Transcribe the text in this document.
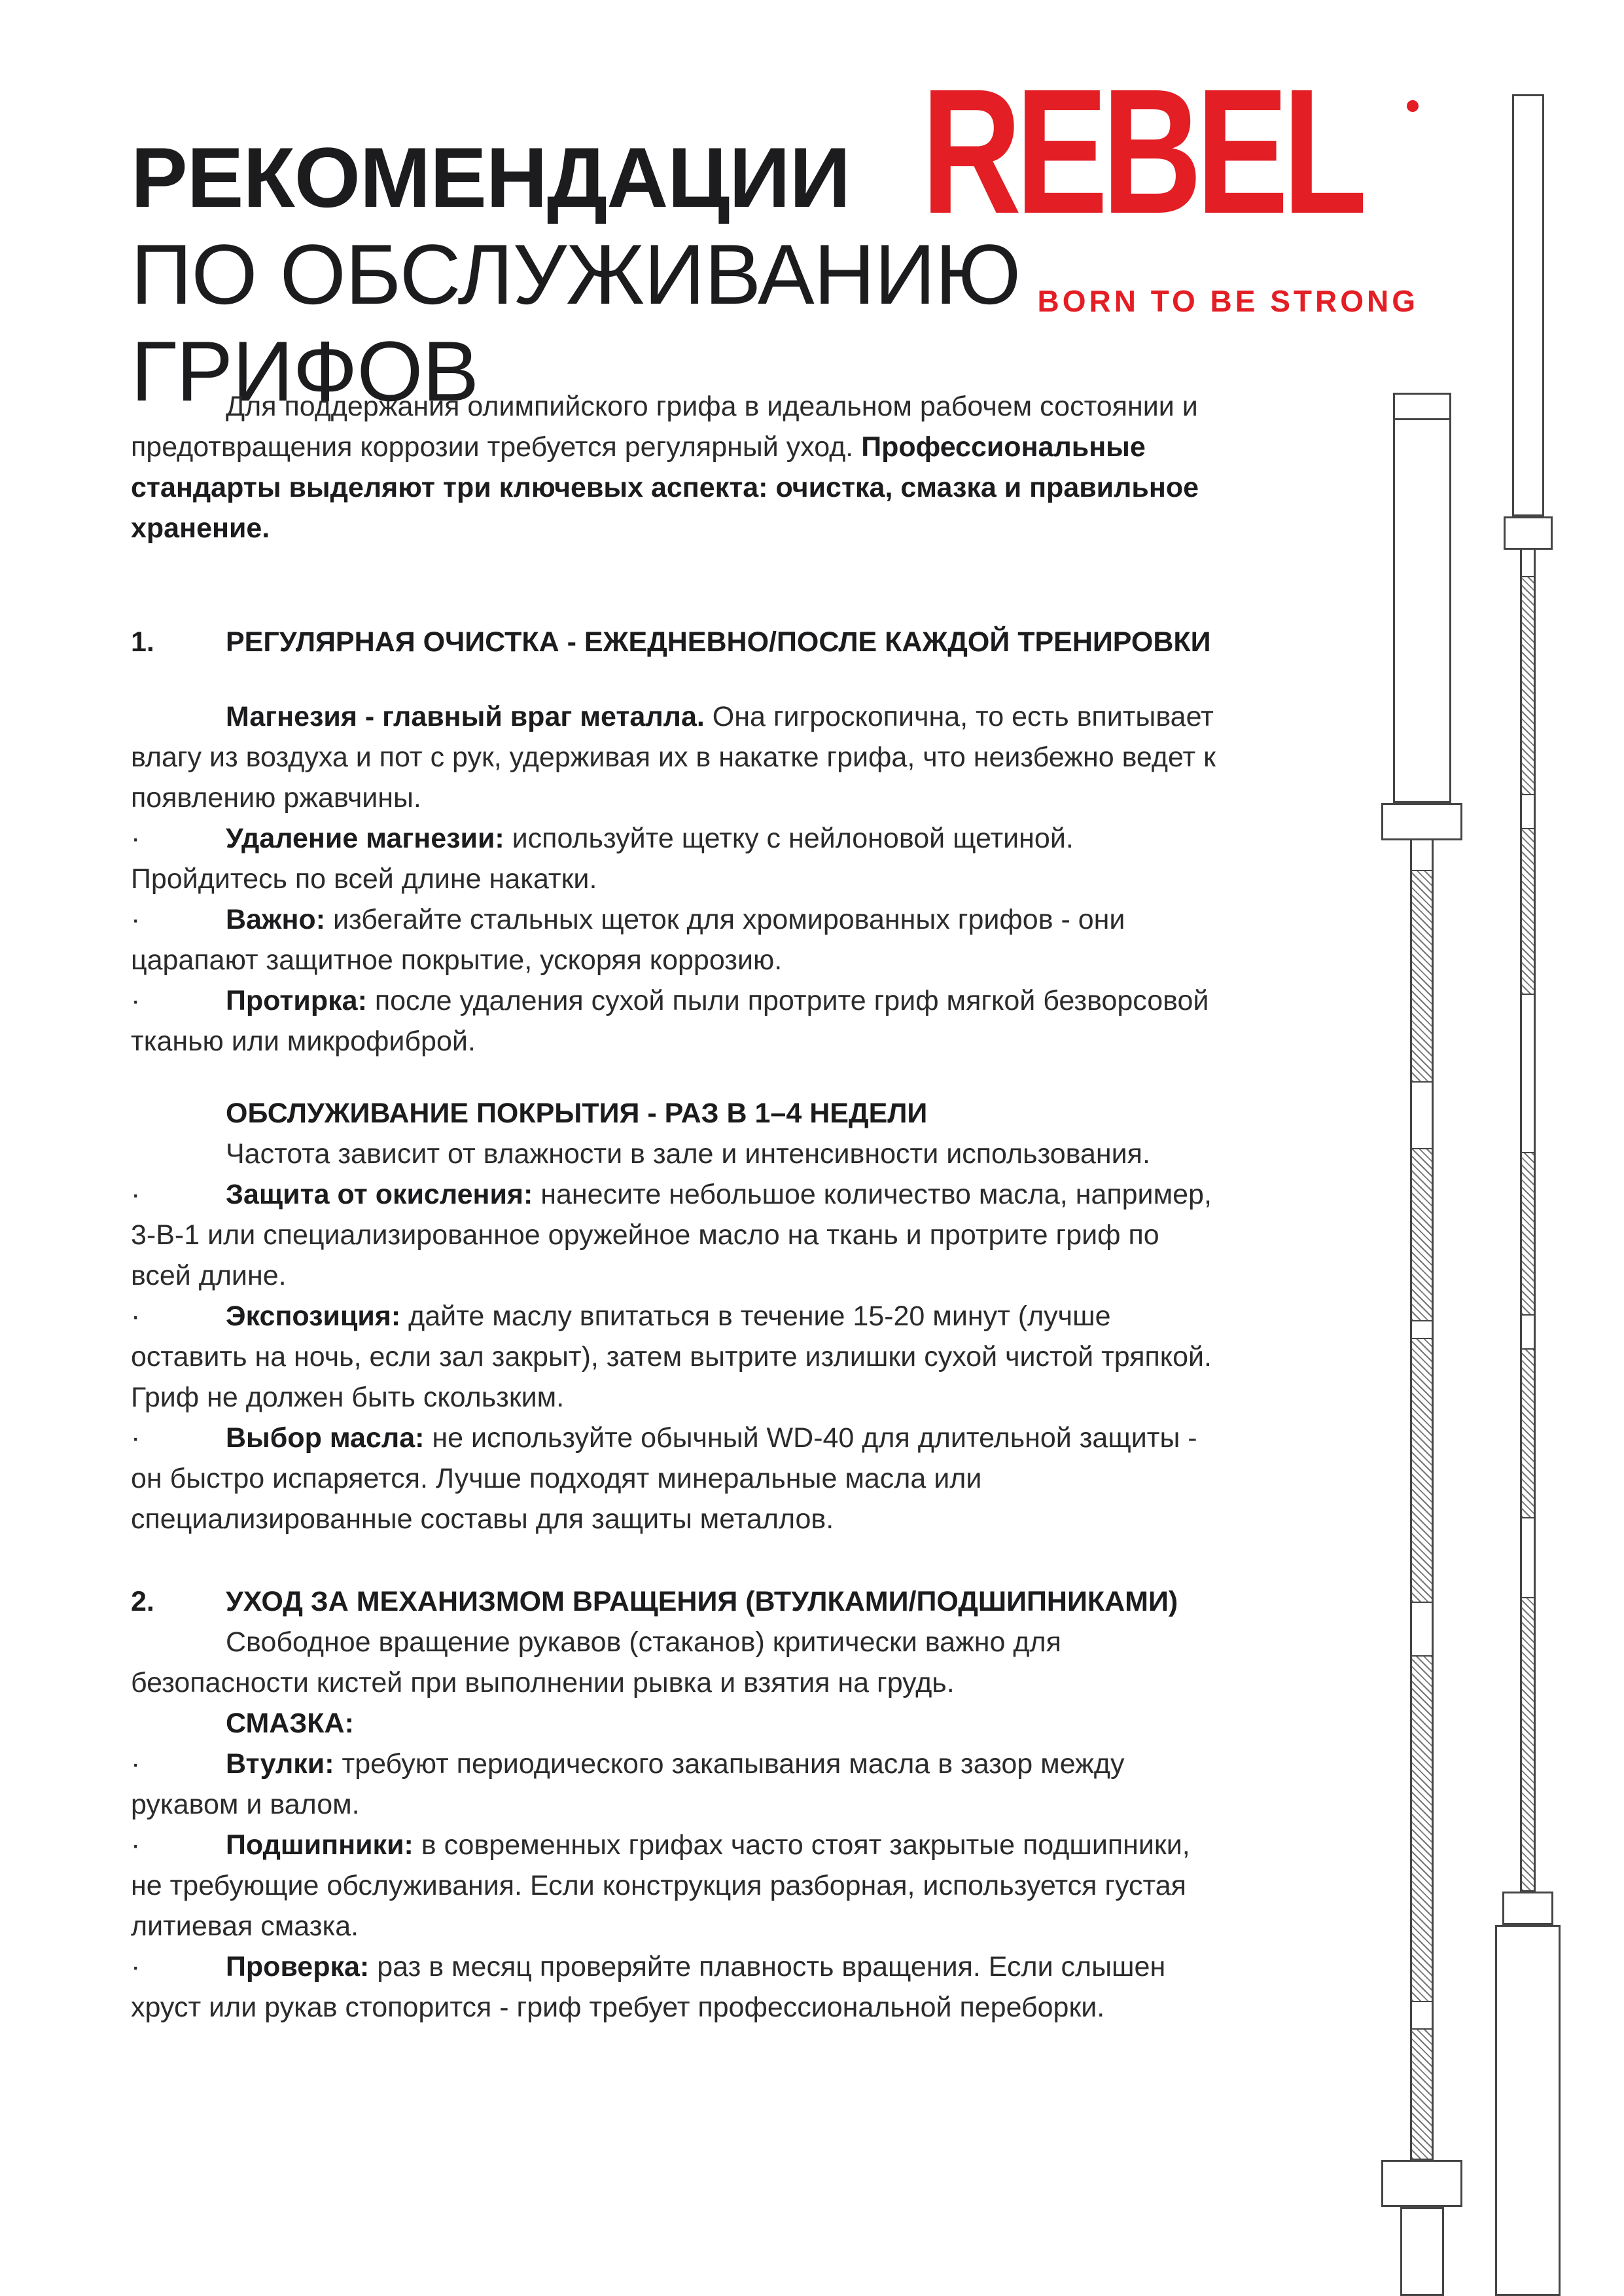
РЕКОМЕНДАЦИИ
ПО ОБСЛУЖИВАНИЮ
ГРИФОВ
REBEL
BORN TO BE STRONG

Для поддержания олимпийского грифа в идеальном рабочем состоянии и предотвращения коррозии требуется регулярный уход. Профессиональные стандарты выделяют три ключевых аспекта: очистка, смазка и правильное хранение.

1.	РЕГУЛЯРНАЯ ОЧИСТКА - ЕЖЕДНЕВНО/ПОСЛЕ КАЖДОЙ ТРЕНИРОВКИ

Магнезия - главный враг металла. Она гигроскопична, то есть впитывает влагу из воздуха и пот с рук, удерживая их в накатке грифа, что неизбежно ведет к появлению ржавчины.

·	Удаление магнезии: используйте щетку с нейлоновой щетиной. Пройдитесь по всей длине накатки.

·	Важно: избегайте стальных щеток для хромированных грифов - они царапают защитное покрытие, ускоряя коррозию.

·	Протирка: после удаления сухой пыли протрите гриф мягкой безворсовой тканью или микрофиброй.

ОБСЛУЖИВАНИЕ ПОКРЫТИЯ - РАЗ В 1–4 НЕДЕЛИ

Частота зависит от влажности в зале и интенсивности использования.

·	Защита от окисления: нанесите небольшое количество масла, например, 3-В-1 или специализированное оружейное масло на ткань и протрите гриф по всей длине.

·	Экспозиция: дайте маслу впитаться в течение 15-20 минут (лучше оставить на ночь, если зал закрыт), затем вытрите излишки сухой чистой тряпкой. Гриф не должен быть скользким.

·	Выбор масла: не используйте обычный WD-40 для длительной защиты - он быстро испаряется. Лучше подходят минеральные масла или специализированные составы для защиты металлов.

2.	УХОД ЗА МЕХАНИЗМОМ ВРАЩЕНИЯ (ВТУЛКАМИ/ПОДШИПНИКАМИ)

Свободное вращение рукавов (стаканов) критически важно для безопасности кистей при выполнении рывка и взятия на грудь.

СМАЗКА:

·	Втулки: требуют периодического закапывания масла в зазор между рукавом и валом.

·	Подшипники: в современных грифах часто стоят закрытые подшипники, не требующие обслуживания. Если конструкция разборная, используется густая литиевая смазка.

·	Проверка: раз в месяц проверяйте плавность вращения. Если слышен хруст или рукав стопорится - гриф требует профессиональной переборки.
